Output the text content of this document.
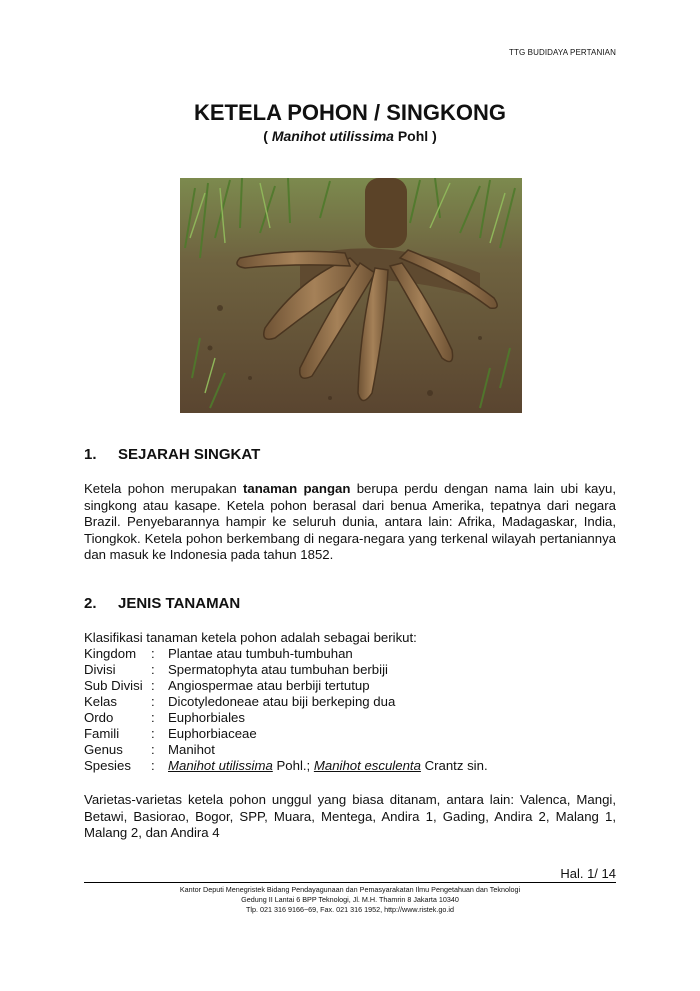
TTG BUDIDAYA PERTANIAN
KETELA POHON / SINGKONG
( Manihot utilissima Pohl )
1. SEJARAH SINGKAT
Ketela pohon merupakan tanaman pangan berupa perdu dengan nama lain ubi kayu, singkong atau kasape. Ketela pohon berasal dari benua Amerika, tepatnya dari negara Brazil. Penyebarannya hampir ke seluruh dunia, antara lain: Afrika, Madagaskar, India, Tiongkok. Ketela pohon berkembang di negara-negara yang terkenal wilayah pertaniannya dan masuk ke Indonesia pada tahun 1852.
2. JENIS TANAMAN
Klasifikasi tanaman ketela pohon adalah sebagai berikut:
Kingdom	:	Plantae atau tumbuh-tumbuhan
Divisi	:	Spermatophyta atau tumbuhan berbiji
Sub Divisi :	Angiospermae atau berbiji tertutup
Kelas	:	Dicotyledoneae atau biji berkeping dua
Ordo	:	Euphorbiales
Famili	:	Euphorbiaceae
Genus	:	Manihot
Spesies	:	Manihot utilissima Pohl.; Manihot esculenta Crantz sin.
Varietas-varietas ketela pohon unggul yang biasa ditanam, antara lain: Valenca, Mangi, Betawi, Basiorao, Bogor, SPP, Muara, Mentega, Andira 1, Gading, Andira 2, Malang 1, Malang 2, dan Andira 4
Hal. 1/ 14
Kantor Deputi Menegristek Bidang Pendayagunaan dan Pemasyarakatan Ilmu Pengetahuan dan Teknologi
Gedung II Lantai 6 BPP Teknologi, Jl. M.H. Thamrin 8 Jakarta 10340
Tlp. 021 316 9166~69, Fax. 021 316 1952, http://www.ristek.go.id
